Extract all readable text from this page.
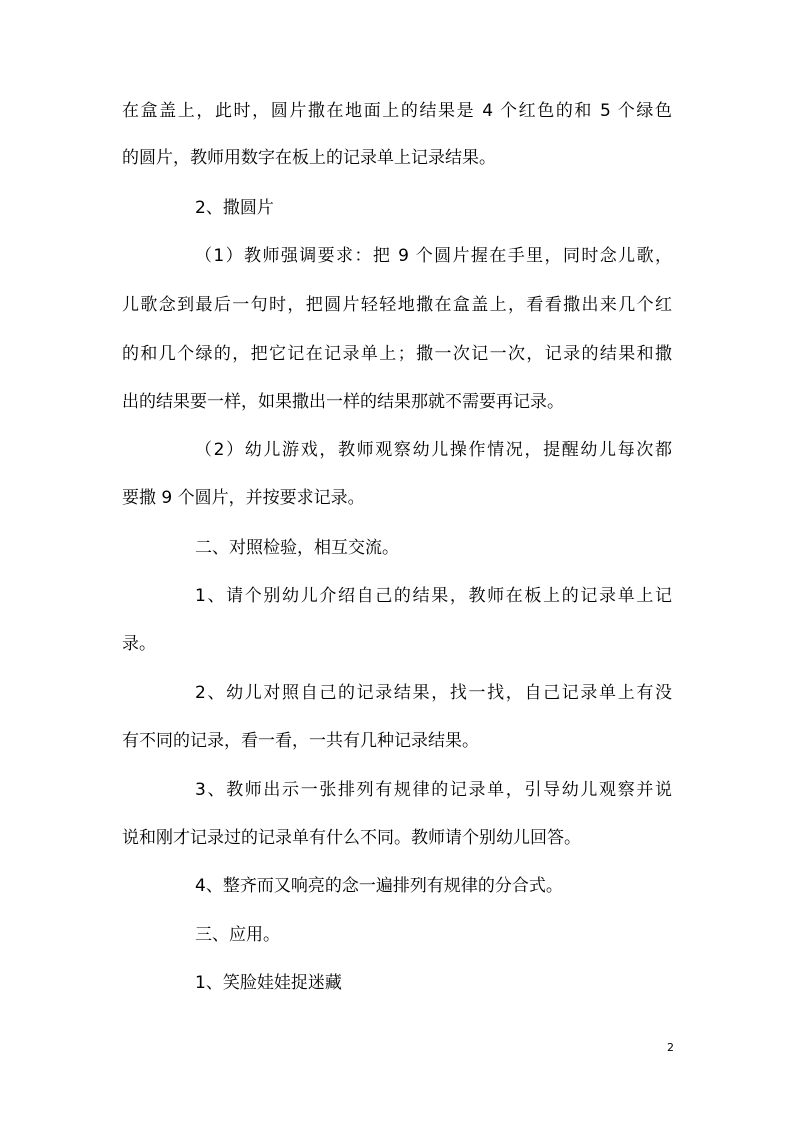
在盒盖上，此时，圆片撒在地面上的结果是 4 个红色的和 5 个绿色
的圆片，教师用数字在板上的记录单上记录结果。
2、撒圆片
（1）教师强调要求：把 9 个圆片握在手里，同时念儿歌，
儿歌念到最后一句时，把圆片轻轻地撒在盒盖上，看看撒出来几个红
的和几个绿的，把它记在记录单上；撒一次记一次，记录的结果和撒
出的结果要一样，如果撒出一样的结果那就不需要再记录。
（2）幼儿游戏，教师观察幼儿操作情况，提醒幼儿每次都
要撒 9 个圆片，并按要求记录。
二、对照检验，相互交流。
1、请个别幼儿介绍自己的结果，教师在板上的记录单上记
录。
2、幼儿对照自己的记录结果，找一找，自己记录单上有没
有不同的记录，看一看，一共有几种记录结果。
3、教师出示一张排列有规律的记录单，引导幼儿观察并说
说和刚才记录过的记录单有什么不同。教师请个别幼儿回答。
4、整齐而又响亮的念一遍排列有规律的分合式。
三、应用。
1、笑脸娃娃捉迷藏
2
